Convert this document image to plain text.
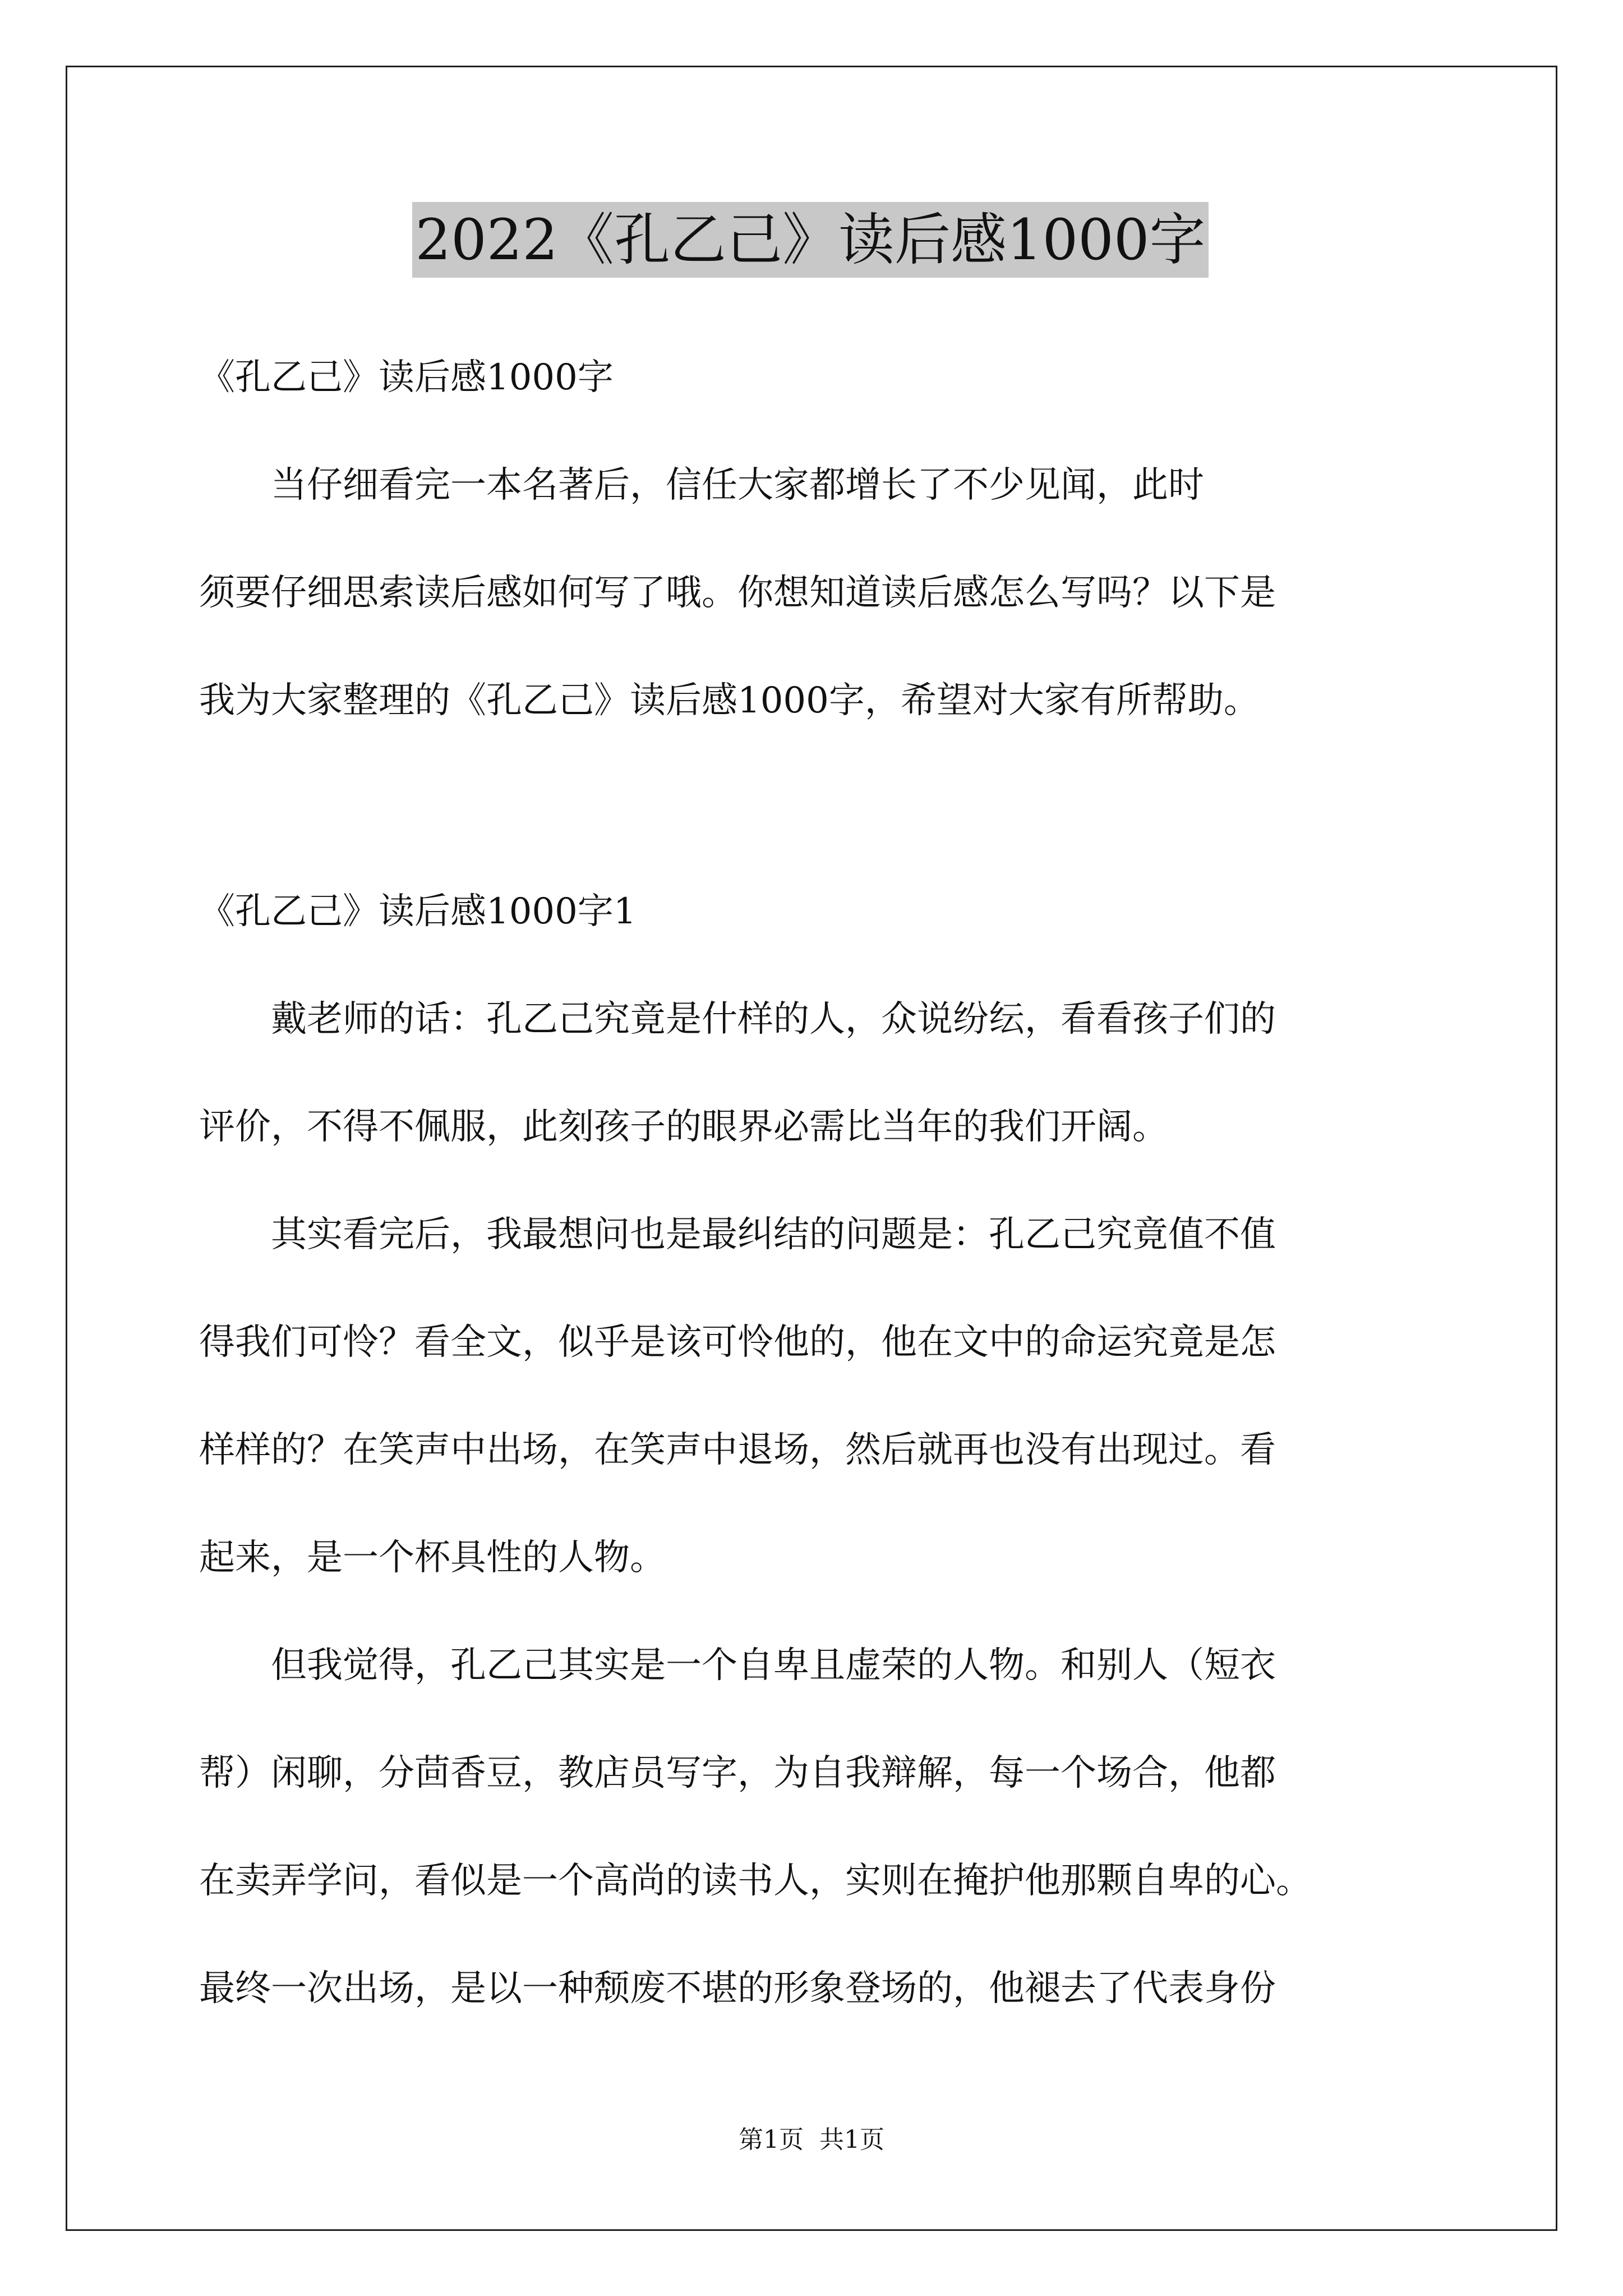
2022《孔乙己》读后感1000字
《孔乙己》读后感1000字
　　当仔细看完一本名著后，信任大家都增长了不少见闻，此时
须要仔细思索读后感如何写了哦。你想知道读后感怎么写吗？以下是
我为大家整理的《孔乙己》读后感1000字，希望对大家有所帮助。
《孔乙己》读后感1000字1
　　戴老师的话：孔乙己究竟是什样的人，众说纷纭，看看孩子们的
评价，不得不佩服，此刻孩子的眼界必需比当年的我们开阔。
　　其实看完后，我最想问也是最纠结的问题是：孔乙己究竟值不值
得我们可怜？看全文，似乎是该可怜他的，他在文中的命运究竟是怎
样样的？在笑声中出场，在笑声中退场，然后就再也没有出现过。看
起来，是一个杯具性的人物。
　　但我觉得，孔乙己其实是一个自卑且虚荣的人物。和别人（短衣
帮）闲聊，分茴香豆，教店员写字，为自我辩解，每一个场合，他都
在卖弄学问，看似是一个高尚的读书人，实则在掩护他那颗自卑的心。
最终一次出场，是以一种颓废不堪的形象登场的，他褪去了代表身份
第1页 共1页
